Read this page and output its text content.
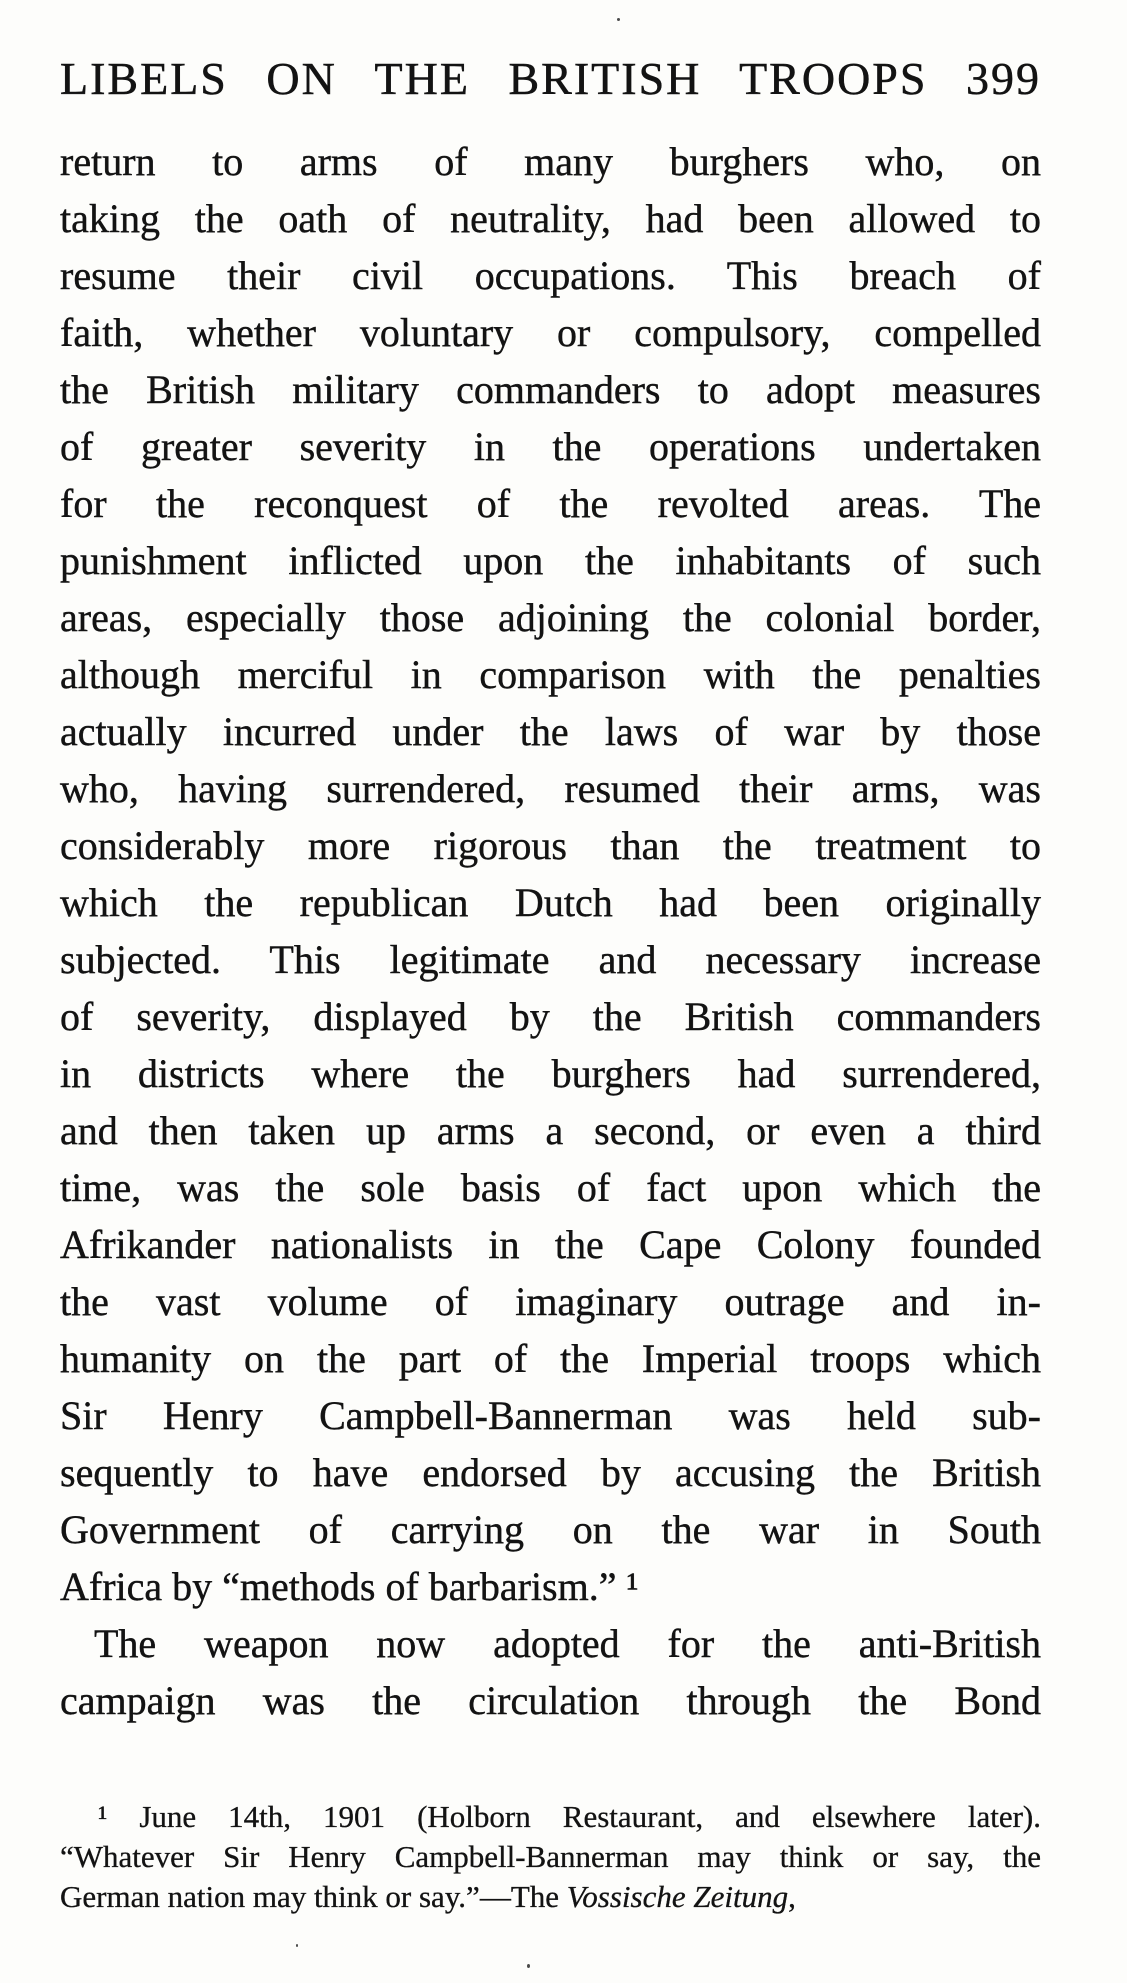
LIBELS ON THE BRITISH TROOPS 399
return to arms of many burghers who, on
taking the oath of neutrality, had been allowed to
resume their civil occupations. This breach of
faith, whether voluntary or compulsory, compelled
the British military commanders to adopt measures
of greater severity in the operations undertaken
for the reconquest of the revolted areas. The
punishment inflicted upon the inhabitants of such
areas, especially those adjoining the colonial border,
although merciful in comparison with the penalties
actually incurred under the laws of war by those
who, having surrendered, resumed their arms, was
considerably more rigorous than the treatment to
which the republican Dutch had been originally
subjected. This legitimate and necessary increase
of severity, displayed by the British commanders
in districts where the burghers had surrendered,
and then taken up arms a second, or even a third
time, was the sole basis of fact upon which the
Afrikander nationalists in the Cape Colony founded
the vast volume of imaginary outrage and in-
humanity on the part of the Imperial troops which
Sir Henry Campbell-Bannerman was held sub-
sequently to have endorsed by accusing the British
Government of carrying on the war in South
Africa by “methods of barbarism.” ¹
The weapon now adopted for the anti-British
campaign was the circulation through the Bond
¹ June 14th, 1901 (Holborn Restaurant, and elsewhere later).
“Whatever Sir Henry Campbell-Bannerman may think or say, the
German nation may think or say.”—The Vossische Zeitung,
